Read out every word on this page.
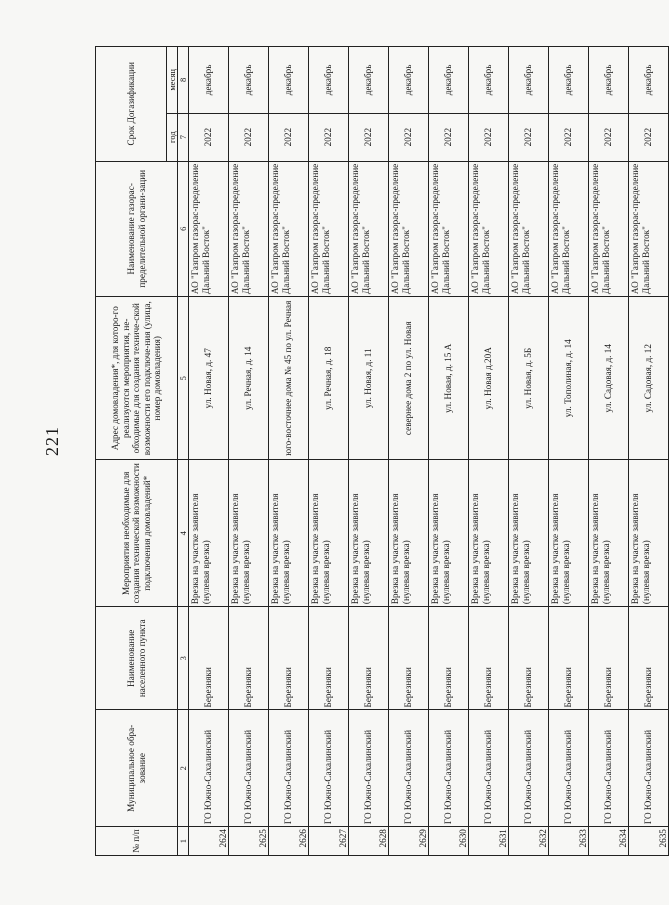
221
№ п/п	Муниципальное обра-зование	Наименование населенного пункта	Мероприятия необходимые для создания технической возможности подключения домовладений*	Адрес домовладения*, для которо-го реализуются мероприятия, не-обходимые для создания техниче-ской возможности его подключе-ния (улица, номер домовладения)	Наименование газорас-пределительной органи-зации	Срок Догазификации	
						год	месяц
1	2	3	4	5	6	7	8
2624	ГО Южно-Сахалинский	Березняки	Врезка на участке заявителя (нулевая врезка)	ул. Новая, д. 47	АО "Газпром газорас-пределение Дальний Восток"	2022	декабрь
2625	ГО Южно-Сахалинский	Березняки	Врезка на участке заявителя (нулевая врезка)	ул. Речная, д. 14	АО "Газпром газорас-пределение Дальний Восток"	2022	декабрь
2626	ГО Южно-Сахалинский	Березняки	Врезка на участке заявителя (нулевая врезка)	юго-восточнее дома № 45 по ул. Речная	АО "Газпром газорас-пределение Дальний Восток"	2022	декабрь
2627	ГО Южно-Сахалинский	Березняки	Врезка на участке заявителя (нулевая врезка)	ул. Речная, д. 18	АО "Газпром газорас-пределение Дальний Восток"	2022	декабрь
2628	ГО Южно-Сахалинский	Березняки	Врезка на участке заявителя (нулевая врезка)	ул. Новая, д. 11	АО "Газпром газорас-пределение Дальний Восток"	2022	декабрь
2629	ГО Южно-Сахалинский	Березняки	Врезка на участке заявителя (нулевая врезка)	севернее дома 2 по ул. Новая	АО "Газпром газорас-пределение Дальний Восток"	2022	декабрь
2630	ГО Южно-Сахалинский	Березняки	Врезка на участке заявителя (нулевая врезка)	ул. Новая, д. 15 А	АО "Газпром газорас-пределение Дальний Восток"	2022	декабрь
2631	ГО Южно-Сахалинский	Березняки	Врезка на участке заявителя (нулевая врезка)	ул. Новая д.20А	АО "Газпром газорас-пределение Дальний Восток"	2022	декабрь
2632	ГО Южно-Сахалинский	Березняки	Врезка на участке заявителя (нулевая врезка)	ул. Новая, д. 5Б	АО "Газпром газорас-пределение Дальний Восток"	2022	декабрь
2633	ГО Южно-Сахалинский	Березняки	Врезка на участке заявителя (нулевая врезка)	ул. Тополиная, д. 14	АО "Газпром газорас-пределение Дальний Восток"	2022	декабрь
2634	ГО Южно-Сахалинский	Березняки	Врезка на участке заявителя (нулевая врезка)	ул. Садовая, д. 14	АО "Газпром газорас-пределение Дальний Восток"	2022	декабрь
2635	ГО Южно-Сахалинский	Березняки	Врезка на участке заявителя (нулевая врезка)	ул. Садовая, д. 12	АО "Газпром газорас-пределение Дальний Восток"	2022	декабрь
